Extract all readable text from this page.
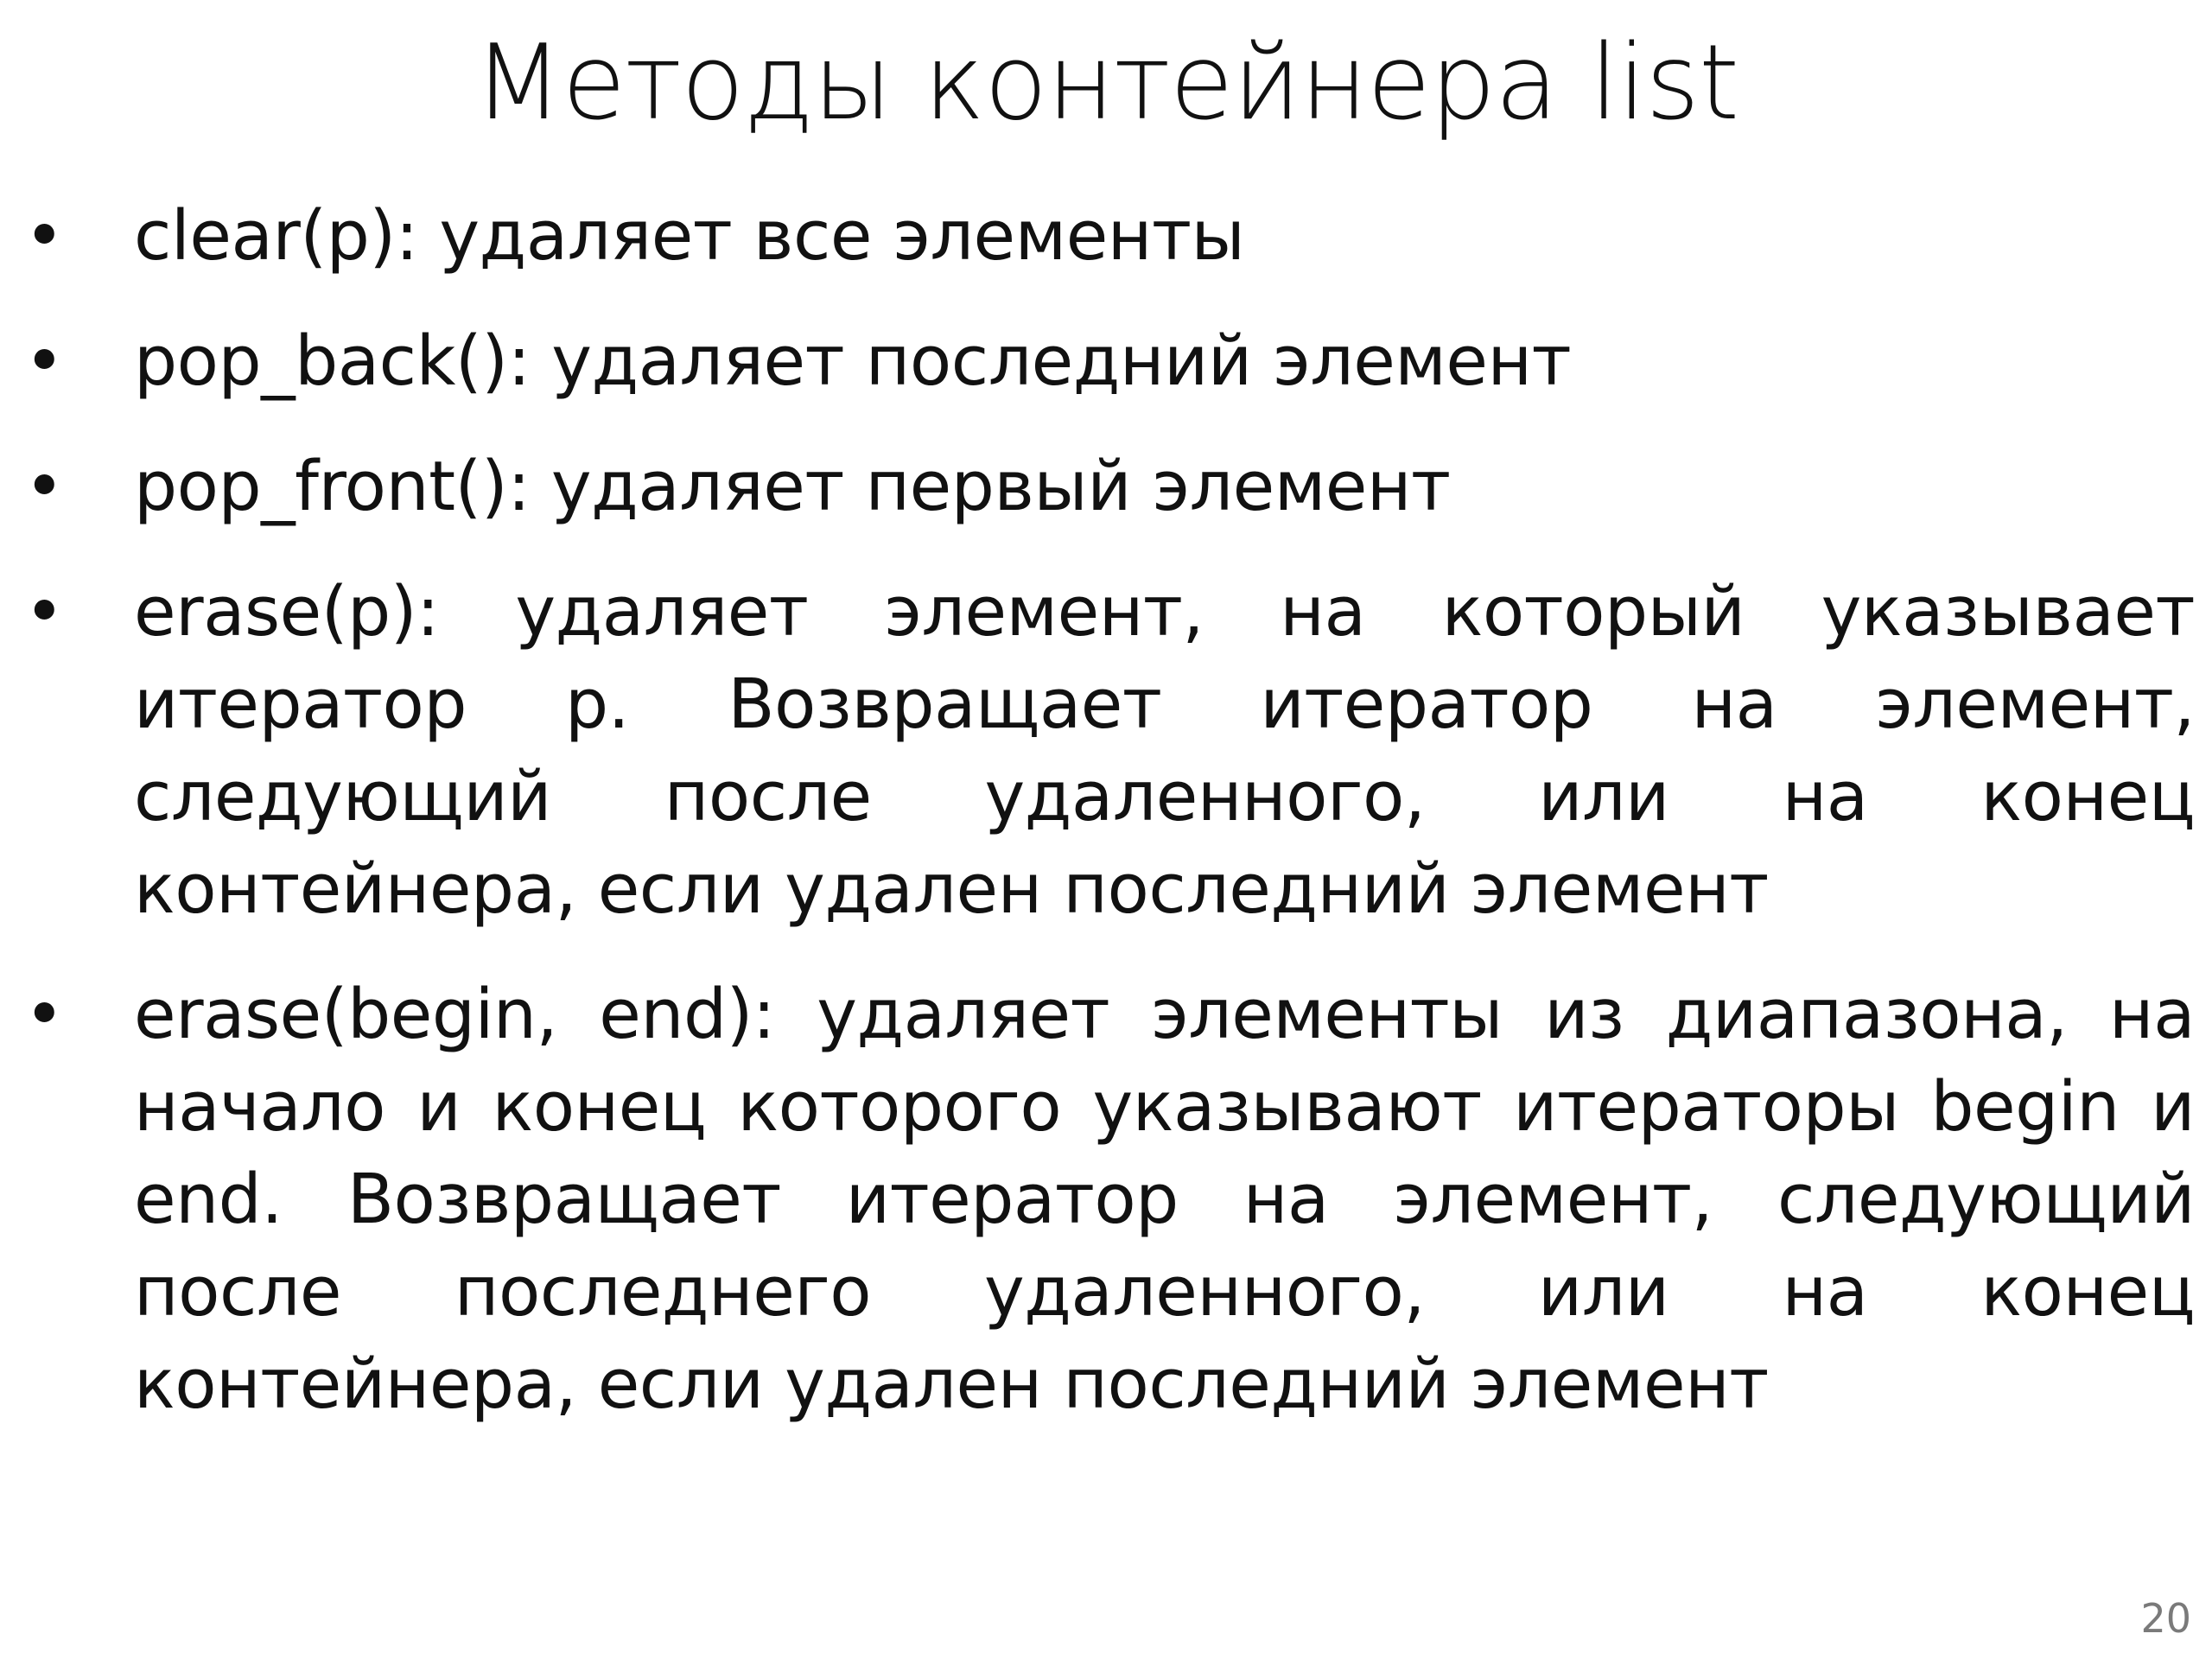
Методы контейнера list
• clear(p): удаляет все элементы
• pop_back(): удаляет последний элемент
• pop_front(): удаляет первый элемент
• erase(p): удаляет элемент, на который указывает итератор p. Возвращает итератор на элемент, следующий после удаленного, или на конец контейнера, если удален последний элемент
• erase(begin, end): удаляет элементы из диапазона, на начало и конец которого указывают итераторы begin и end. Возвращает итератор на элемент, следующий после последнего удаленного, или на конец контейнера, если удален последний элемент
20
